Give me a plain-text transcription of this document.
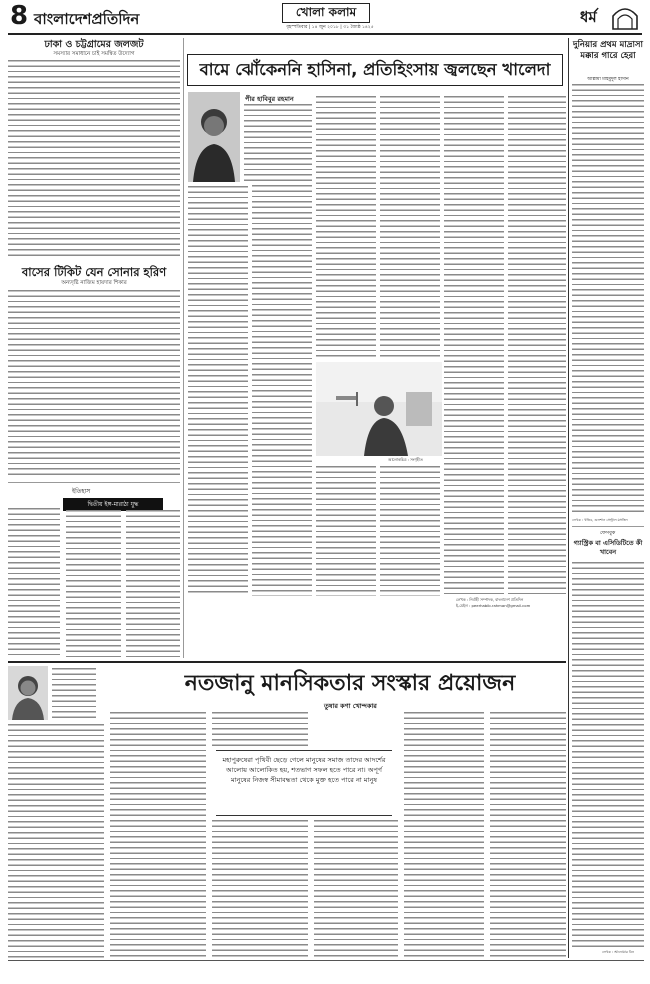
8 বাংলাদেশপ্রতিদিন	খোলা কলাম
বৃহস্পতিবার | ১৪ জুন ২০১৮ | ৩১ জ্যৈষ্ঠ ১৪২৫
ধর্ম
ঢাকা ও চট্টগ্রামের জলজট
সমস্যার সমাধানে চাই সমন্বিত উদ্যোগ
বাসের টিকিট যেন সোনার হরিণ
অন্যদৃষ্টি নাজিম হায়দার শিকার
ইতিহাস
দ্বিতীয় ইঙ্গ-মারাঠা যুদ্ধ
বামে ঝোঁকেননি হাসিনা, প্রতিহিংসায় জ্বলছেন খালেদা
পীর হাবিবুর রহমান
আলোকচিত্র : সংগৃহীত
লেখক : নির্বাহী সম্পাদক, বাংলাদেশ প্রতিদিন
ই-মেইল : peerhabib.rahman@gmail.com
দুনিয়ার প্রথম মাদ্রাসা মক্কার গারে হেরা
আল্লামা মাহমুদুল হাসান
লেখক : খতিব, গুলশান সেন্ট্রাল মসজিদ
ফেসবুক
গ্যাস্ট্রিক বা এসিডিটিতে কী খাবেন
লেখক : আনোয়ার বিন
নতজানু মানসিকতার সংস্কার প্রয়োজন
তুষার কণা খোন্দকার
মহাপুরুষেরা পৃথিবী ছেড়ে গেলে মানুষের সমাজ তাদের আদর্শের আলোয় আলোকিত হয়, শতভাগ সফল হতে পারে না। অপূর্ণ মানুষের নিজস্ব সীমাবদ্ধতা থেকে মুক্ত হতে পারে না মানুষ
